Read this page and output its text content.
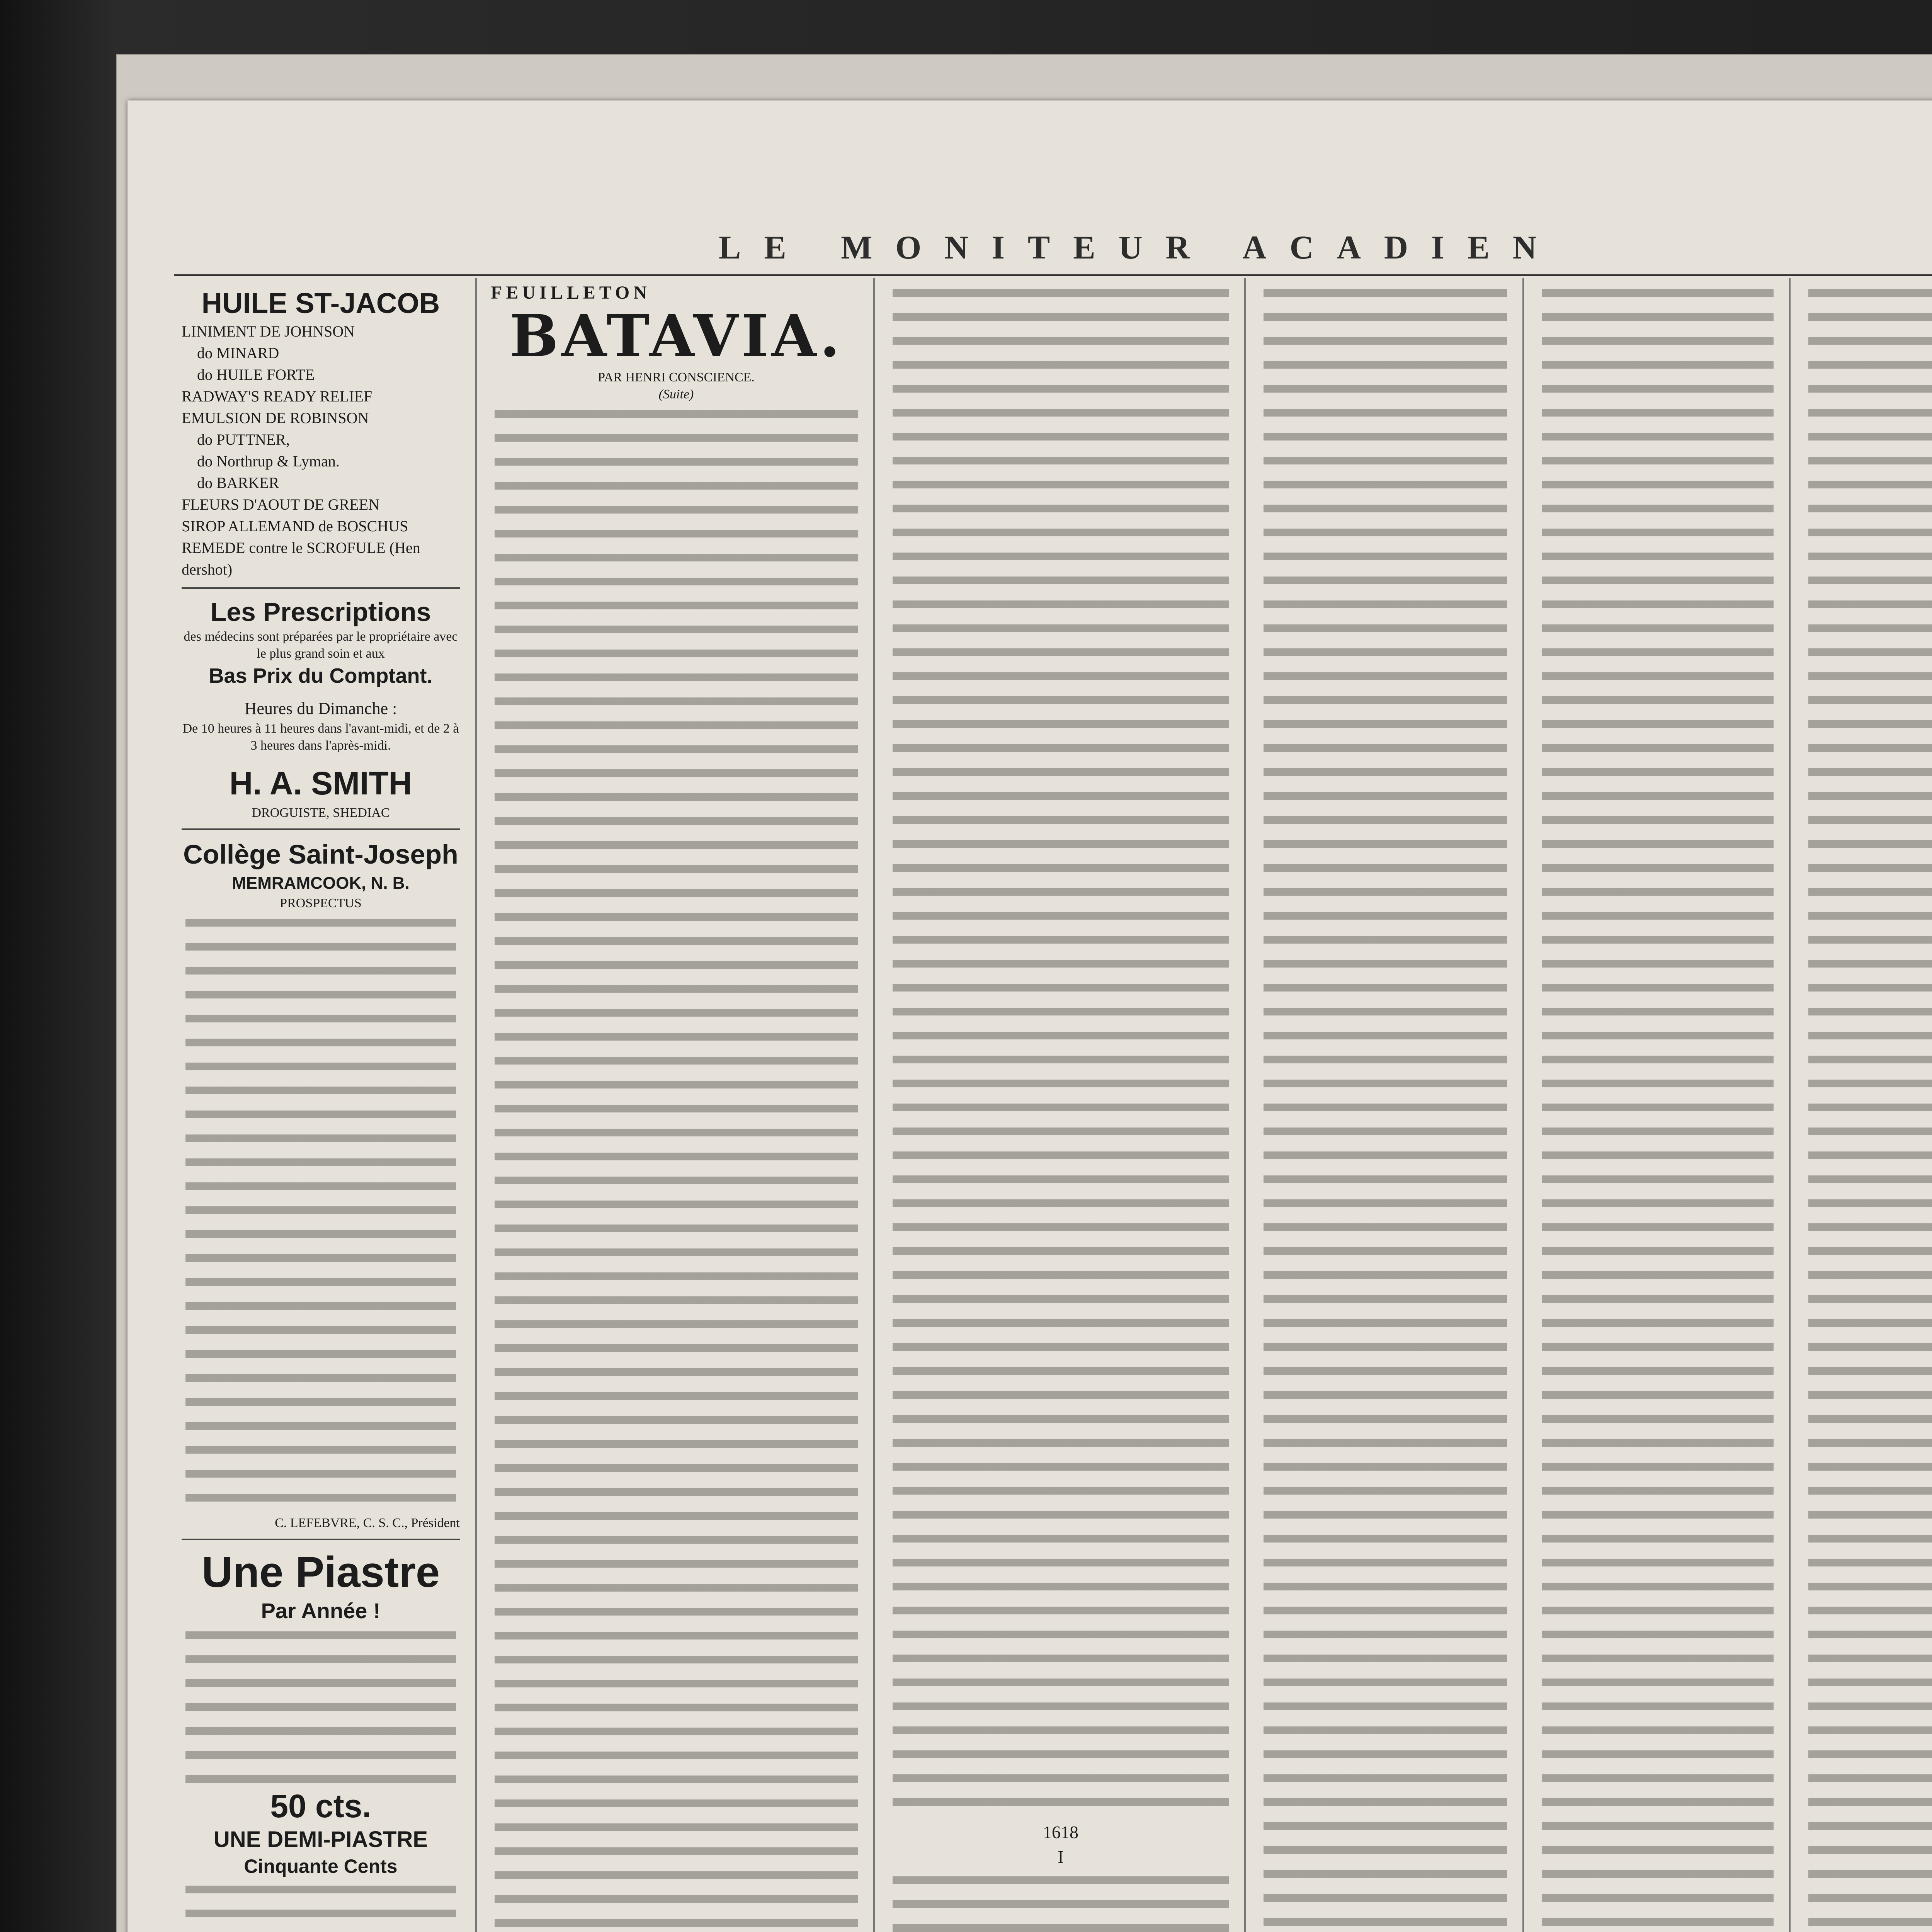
LE MONITEUR ACADIEN
HUILE ST-JACOB
LINIMENT DE JOHNSON
do MINARD
do HUILE FORTE
RADWAY'S READY RELIEF
EMULSION DE ROBINSON
do PUTTNER,
do Northrup & Lyman.
do BARKER
FLEURS D'AOUT DE GREEN
SIROP ALLEMAND de BOSCHUS
REMEDE contre le SCROFULE (Hen dershot)
Les Prescriptions
des médecins sont préparées par le propriétaire avec le plus grand soin et aux
Bas Prix du Comptant.
Heures du Dimanche :
De 10 heures à 11 heures dans l'avant-midi, et de 2 à 3 heures dans l'après-midi.
H. A. SMITH
DROGUISTE, SHEDIAC
Collège Saint-Joseph
MEMRAMCOOK, N. B.
PROSPECTUS
C. LEFEBVRE, C. S. C., Président
Une Piastre
Par Année !
50 cts.
UNE DEMI-PIASTRE
Cinquante Cents
FEUILLETON
BATAVIA.
PAR HENRI CONSCIENCE.
(Suite)
1618
I
